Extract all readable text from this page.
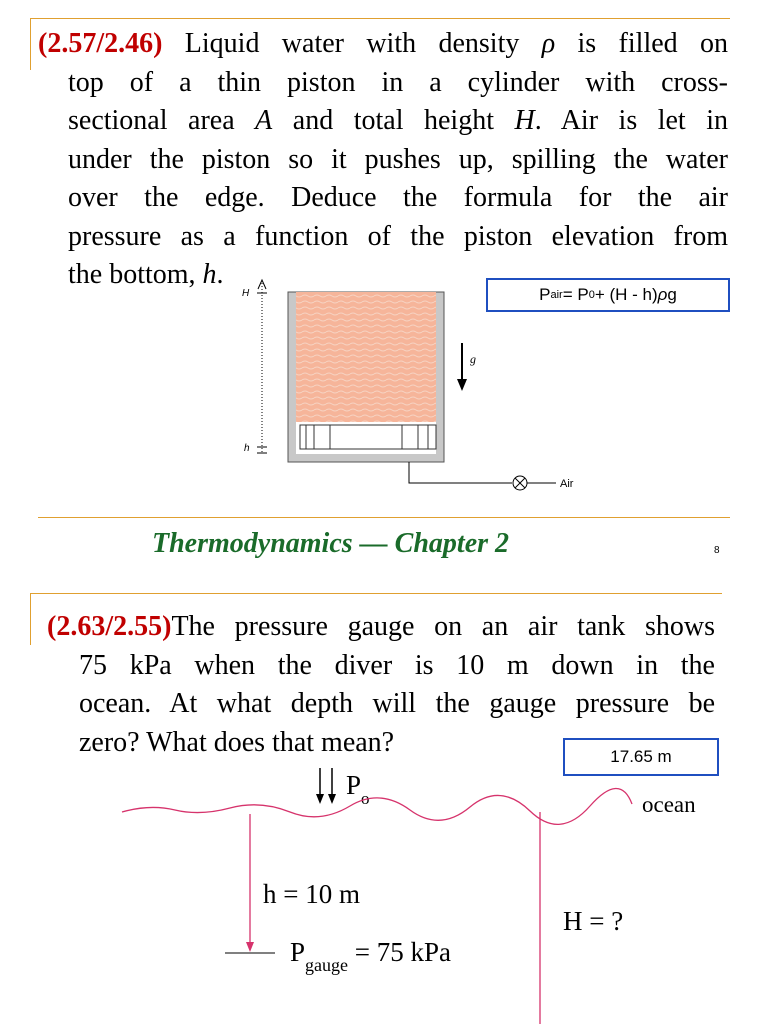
(2.57/2.46) Liquid water with density ρ is filled on
top of a thin piston in a cylinder with cross-
sectional area A and total height H. Air is let in
under the piston so it pushes up, spilling the water
over the edge. Deduce the formula for the air
pressure as a function of the piston elevation from
the bottom, h.
P air = P 0 + (H - h) ρ g
H
h
g
Air
Thermodynamics — Chapter 2	8
(2.63/2.55)The pressure gauge on an air tank shows
75 kPa when the diver is 10 m down in the
ocean. At what depth will the gauge pressure be
zero? What does that mean?	17.65 m
$P_o$	ocean
h = 10 m
$P_{gauge} = 75$ kPa
H = ?
